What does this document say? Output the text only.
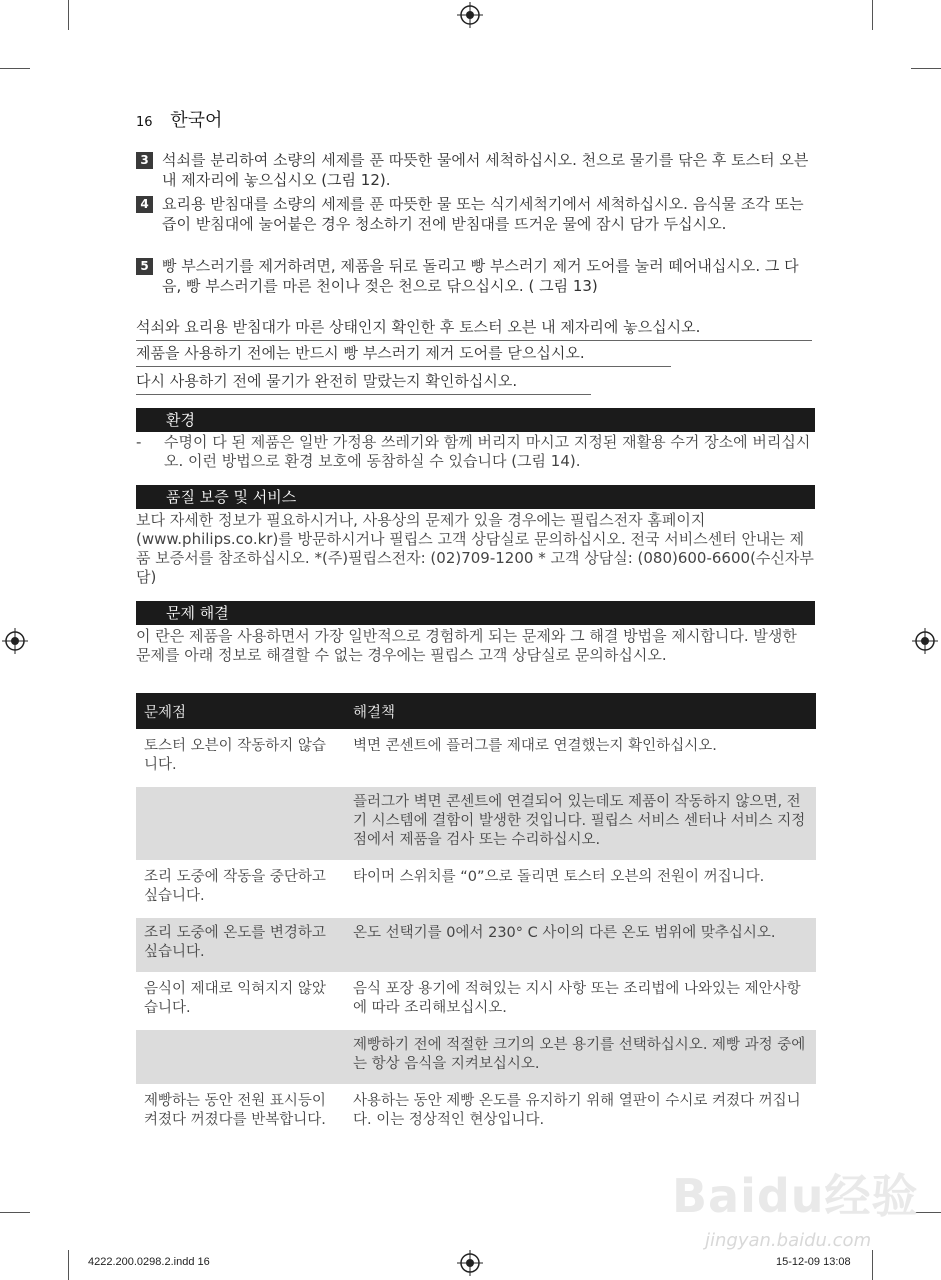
16 한국어
3 석쇠를 분리하여 소량의 세제를 푼 따뜻한 물에서 세척하십시오. 천으로 물기를 닦은 후 토스터 오븐 내 제자리에 놓으십시오 (그림 12).
4 요리용 받침대를 소량의 세제를 푼 따뜻한 물 또는 식기세척기에서 세척하십시오. 음식물 조각 또는 즙이 받침대에 눌어붙은 경우 청소하기 전에 받침대를 뜨거운 물에 잠시 담가 두십시오.
5 빵 부스러기를 제거하려면, 제품을 뒤로 돌리고 빵 부스러기 제거 도어를 눌러 떼어내십시오. 그 다음, 빵 부스러기를 마른 천이나 젖은 천으로 닦으십시오. ( 그림 13)
석쇠와 요리용 받침대가 마른 상태인지 확인한 후 토스터 오븐 내 제자리에 놓으십시오.
제품을 사용하기 전에는 반드시 빵 부스러기 제거 도어를 닫으십시오.
다시 사용하기 전에 물기가 완전히 말랐는지 확인하십시오.
환경
- 수명이 다 된 제품은 일반 가정용 쓰레기와 함께 버리지 마시고 지정된 재활용 수거 장소에 버리십시오. 이런 방법으로 환경 보호에 동참하실 수 있습니다 (그림 14).
품질 보증 및 서비스
보다 자세한 정보가 필요하시거나, 사용상의 문제가 있을 경우에는 필립스전자 홈페이지 (www.philips.co.kr)를 방문하시거나 필립스 고객 상담실로 문의하십시오. 전국 서비스센터 안내는 제품 보증서를 참조하십시오. *(주)필립스전자: (02)709-1200 * 고객 상담실: (080)600-6600(수신자부담)
문제 해결
이 란은 제품을 사용하면서 가장 일반적으로 경험하게 되는 문제와 그 해결 방법을 제시합니다. 발생한 문제를 아래 정보로 해결할 수 없는 경우에는 필립스 고객 상담실로 문의하십시오.
문제점	해결책
토스터 오븐이 작동하지 않습니다.	벽면 콘센트에 플러그를 제대로 연결했는지 확인하십시오.
	플러그가 벽면 콘센트에 연결되어 있는데도 제품이 작동하지 않으면, 전기 시스템에 결함이 발생한 것입니다. 필립스 서비스 센터나 서비스 지정점에서 제품을 검사 또는 수리하십시오.
조리 도중에 작동을 중단하고 싶습니다.	타이머 스위치를 “0”으로 돌리면 토스터 오븐의 전원이 꺼집니다.
조리 도중에 온도를 변경하고 싶습니다.	온도 선택기를 0에서 230° C 사이의 다른 온도 범위에 맞추십시오.
음식이 제대로 익혀지지 않았습니다.	음식 포장 용기에 적혀있는 지시 사항 또는 조리법에 나와있는 제안사항에 따라 조리해보십시오.
	제빵하기 전에 적절한 크기의 오븐 용기를 선택하십시오. 제빵 과정 중에는 항상 음식을 지켜보십시오.
제빵하는 동안 전원 표시등이 켜졌다 꺼졌다를 반복합니다.	사용하는 동안 제빵 온도를 유지하기 위해 열판이 수시로 켜졌다 꺼집니다. 이는 정상적인 현상입니다.
Baidu经验
jingyan.baidu.com
4222.200.0298.2.indd 16	15-12-09 13:08
